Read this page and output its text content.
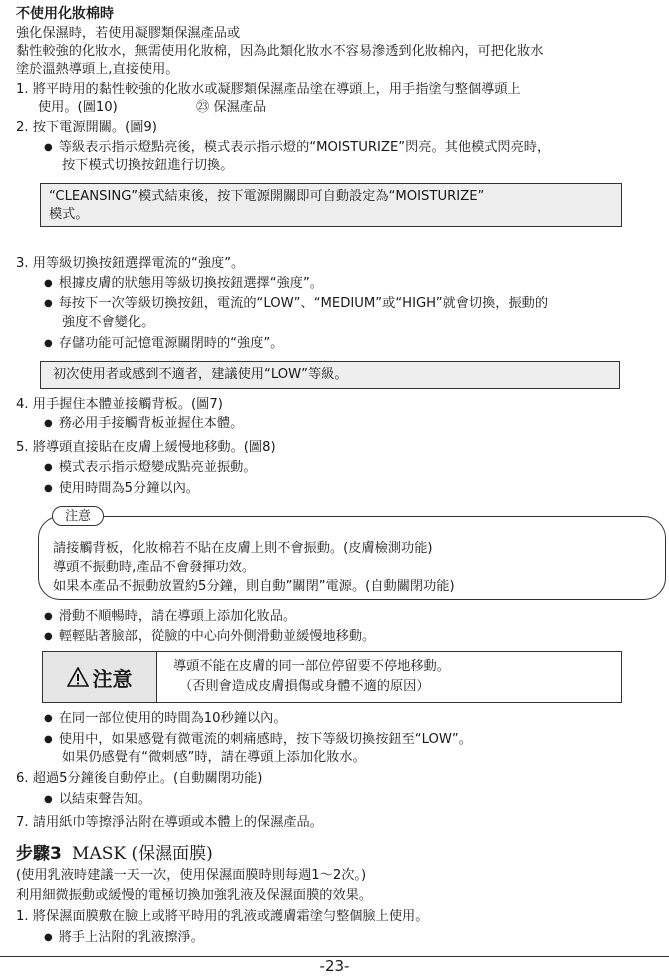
不使用化妝棉時
強化保濕時，若使用凝膠類保濕產品或
黏性較強的化妝水，無需使用化妝棉，因為此類化妝水不容易滲透到化妝棉內，可把化妝水
塗於溫熱導頭上,直接使用。
1. 將平時用的黏性較強的化妝水或凝膠類保濕產品塗在導頭上，用手指塗勻整個導頭上
使用。(圖10)	㉓ 保濕產品
2. 按下電源開關。(圖9)
● 等級表示指示燈點亮後，模式表示指示燈的“MOISTURIZE”閃亮。其他模式閃亮時，
按下模式切換按鈕進行切換。
“CLEANSING”模式結束後，按下電源開關即可自動設定為“MOISTURIZE”
模式。
3. 用等級切換按鈕選擇電流的“強度”。
● 根據皮膚的狀態用等級切換按鈕選擇“強度”。
● 每按下一次等級切換按鈕，電流的“LOW”、“MEDIUM”或“HIGH”就會切換，振動的
強度不會變化。
● 存儲功能可記憶電源關閉時的“強度”。
初次使用者或感到不適者，建議使用“LOW”等級。
4. 用手握住本體並接觸背板。(圖7)
● 務必用手接觸背板並握住本體。
5. 將導頭直接貼在皮膚上緩慢地移動。(圖8)
● 模式表示指示燈變成點亮並振動。
● 使用時間為5分鐘以內。
請接觸背板，化妝棉若不貼在皮膚上則不會振動。(皮膚檢測功能)
導頭不振動時,產品不會發揮功效。
如果本產品不振動放置約5分鐘，則自動”關閉”電源。(自動關閉功能)
注意
● 滑動不順暢時，請在導頭上添加化妝品。
● 輕輕貼著臉部，從臉的中心向外側滑動並緩慢地移動。
注意	導頭不能在皮膚的同一部位停留要不停地移動。
（否則會造成皮膚損傷或身體不適的原因）
● 在同一部位使用的時間為10秒鐘以內。
● 使用中，如果感覺有微電流的刺痛感時，按下等級切換按鈕至“LOW”。
如果仍感覺有“微刺感”時，請在導頭上添加化妝水。
6. 超過5分鐘後自動停止。(自動關閉功能)
● 以結束聲告知。
7. 請用紙巾等擦淨沾附在導頭或本體上的保濕產品。
步驟3 MASK (保濕面膜)
(使用乳液時建議一天一次，使用保濕面膜時則每週1～2次。)
利用細微振動或緩慢的電極切換加強乳液及保濕面膜的效果。
1. 將保濕面膜敷在臉上或將平時用的乳液或護膚霜塗勻整個臉上使用。
● 將手上沾附的乳液擦淨。
-23-
